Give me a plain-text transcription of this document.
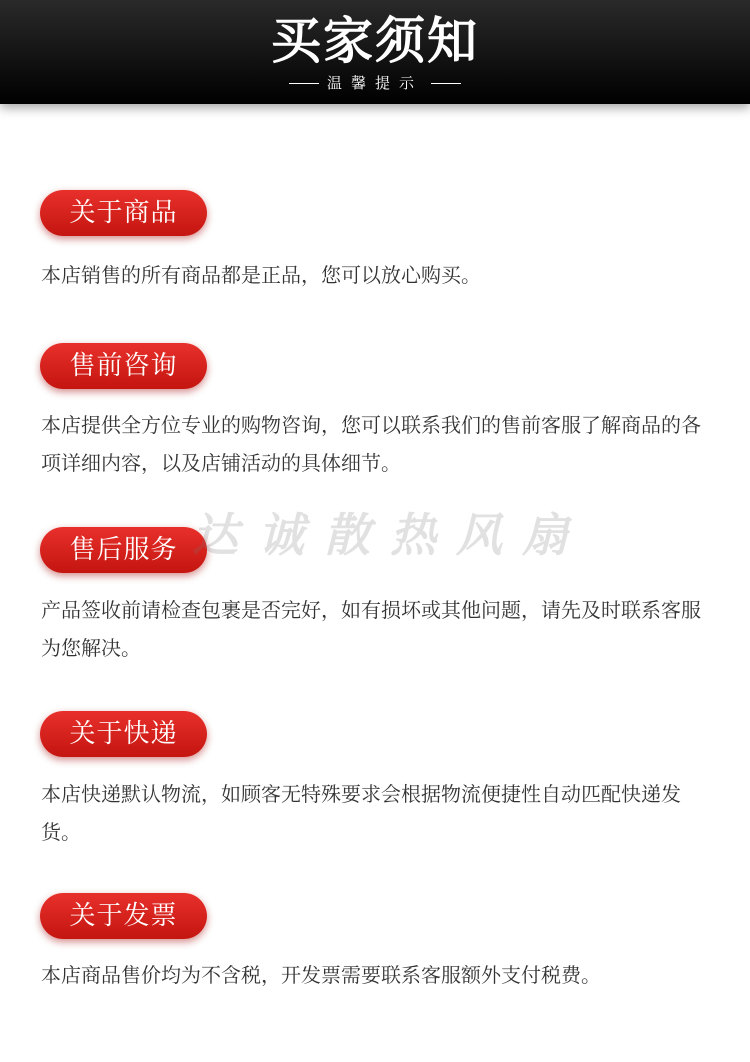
买家须知
温馨提示
关于商品
本店销售的所有商品都是正品，您可以放心购买。
售前咨询
本店提供全方位专业的购物咨询，您可以联系我们的售前客服了解商品的各项详细内容，以及店铺活动的具体细节。
售后服务
产品签收前请检查包裹是否完好，如有损坏或其他问题，请先及时联系客服为您解决。
关于快递
本店快递默认物流，如顾客无特殊要求会根据物流便捷性自动匹配快递发货。
关于发票
本店商品售价均为不含税，开发票需要联系客服额外支付税费。
达诚散热风扇
